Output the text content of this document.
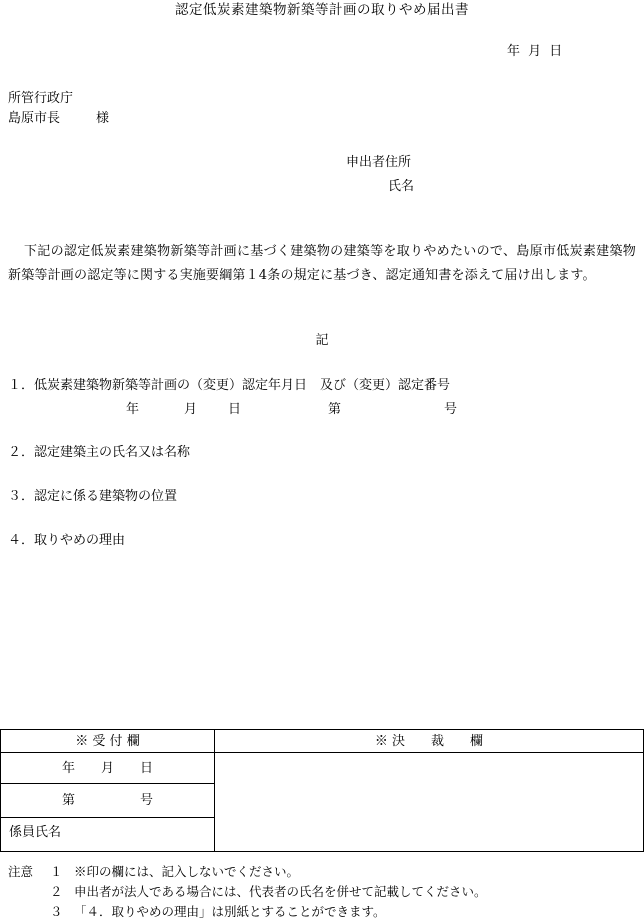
認定低炭素建築物新築等計画の取りやめ届出書
年 月 日
所管行政庁
島原市長	様
申出者住所
氏名
下記の認定低炭素建築物新築等計画に基づく建築物の建築等を取りやめたいので、島原市低炭素建築物新築等計画の認定等に関する実施要綱第１4条の規定に基づき、認定通知書を添えて届け出します。
記
１．低炭素建築物新築等計画の（変更）認定年月日　及び（変更）認定番号
年	月 日	第	号
２．認定建築主の氏名又は名称
３．認定に係る建築物の位置
４．取りやめの理由
※ 受 付 欄	※ 決　　裁　　欄
年　　月　　日	
第　　　　　号	
係員氏名	
注意 １ ※印の欄には、記入しないでください。
２ 申出者が法人である場合には、代表者の氏名を併せて記載してください。
３ 「４．取りやめの理由」は別紙とすることができます。
